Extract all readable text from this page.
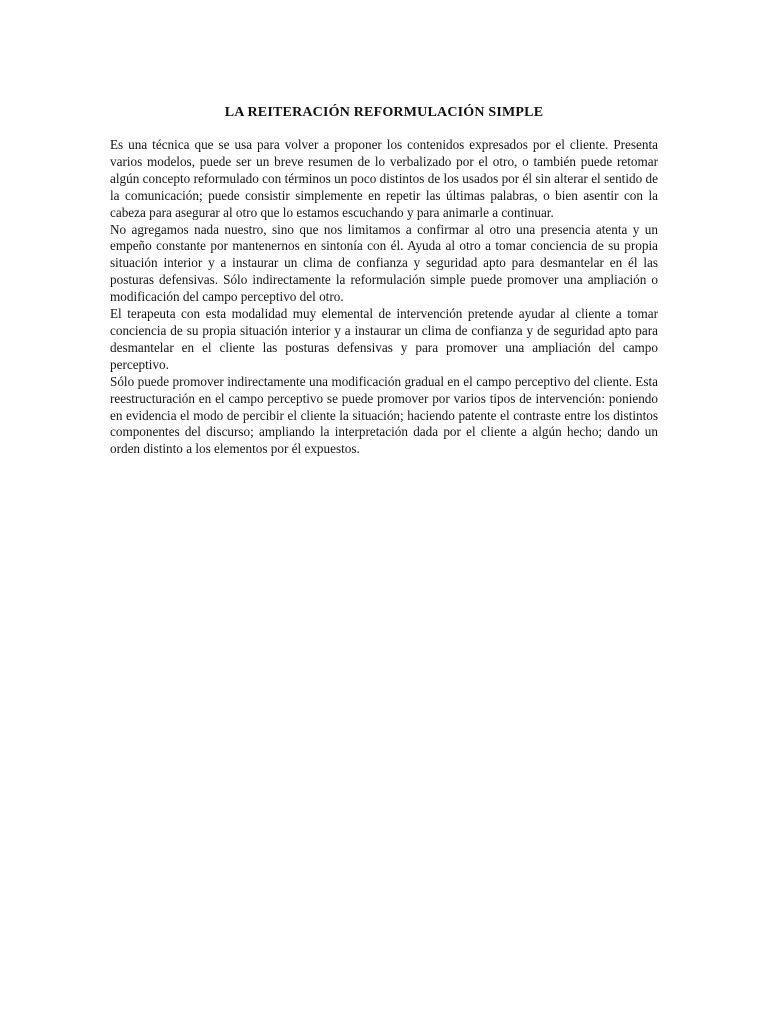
LA REITERACIÓN REFORMULACIÓN SIMPLE

Es una técnica que se usa para volver a proponer los contenidos expresados por el cliente. Presenta varios modelos, puede ser un breve resumen de lo verbalizado por el otro, o también puede retomar algún concepto reformulado con términos un poco distintos de los usados por él sin alterar el sentido de la comunicación; puede consistir simplemente en repetir las últimas palabras, o bien asentir con la cabeza para asegurar al otro que lo estamos escuchando y para animarle a continuar.

No agregamos nada nuestro, sino que nos limitamos a confirmar al otro una presencia atenta y un empeño constante por mantenernos en sintonía con él. Ayuda al otro a tomar conciencia de su propia situación interior y a instaurar un clima de confianza y seguridad apto para desmantelar en él las posturas defensivas. Sólo indirectamente la reformulación simple puede promover una ampliación o modificación del campo perceptivo del otro.

El terapeuta con esta modalidad muy elemental de intervención pretende ayudar al cliente a tomar conciencia de su propia situación interior y a instaurar un clima de confianza y de seguridad apto para desmantelar en el cliente las posturas defensivas y para promover una ampliación del campo perceptivo.

Sólo puede promover indirectamente una modificación gradual en el campo perceptivo del cliente. Esta reestructuración en el campo perceptivo se puede promover por varios tipos de intervención: poniendo en evidencia el modo de percibir el cliente la situación; haciendo patente el contraste entre los distintos componentes del discurso; ampliando la interpretación dada por el cliente a algún hecho; dando un orden distinto a los elementos por él expuestos.
